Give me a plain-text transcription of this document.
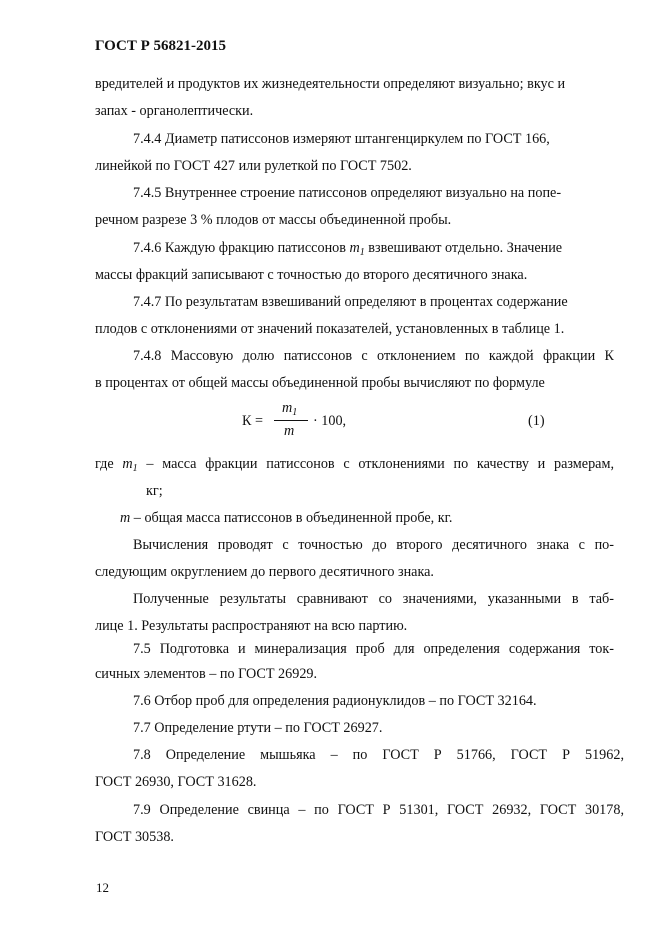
ГОСТ Р 56821-2015
вредителей и продуктов их жизнедеятельности определяют визуально; вкус и
запах - органолептически.
7.4.4 Диаметр патиссонов измеряют штангенциркулем по ГОСТ 166,
линейкой по ГОСТ 427 или рулеткой по ГОСТ 7502.
7.4.5 Внутреннее строение патиссонов определяют визуально на попе-
речном разрезе 3 % плодов от массы объединенной пробы.
7.4.6 Каждую фракцию патиссонов $m_1$ взвешивают отдельно. Значение
массы фракций записывают с точностью до второго десятичного знака.
7.4.7 По результатам взвешиваний определяют в процентах содержание
плодов с отклонениями от значений показателей, установленных в таблице 1.
7.4.8 Массовую долю патиссонов с отклонением по каждой фракции К
в процентах от общей массы объединенной пробы вычисляют по формуле
К =
$m_1$
m
· 100,	(1)
где $m_1$ – масса фракции патиссонов с отклонениями по качеству и размерам,
кг;
m – общая масса патиссонов в объединенной пробе, кг.
Вычисления проводят с точностью до второго десятичного знака с по-
следующим округлением до первого десятичного знака.
Полученные результаты сравнивают со значениями, указанными в таб-
лице 1. Результаты распространяют на всю партию.
7.5 Подготовка и минерализация проб для определения содержания ток-
сичных элементов – по ГОСТ 26929.
7.6 Отбор проб для определения радионуклидов – по ГОСТ 32164.
7.7 Определение ртути – по ГОСТ 26927.
7.8 Определение мышьяка – по ГОСТ Р 51766, ГОСТ Р 51962,
ГОСТ 26930, ГОСТ 31628.
7.9 Определение свинца – по ГОСТ Р 51301, ГОСТ 26932, ГОСТ 30178,
ГОСТ 30538.
12
